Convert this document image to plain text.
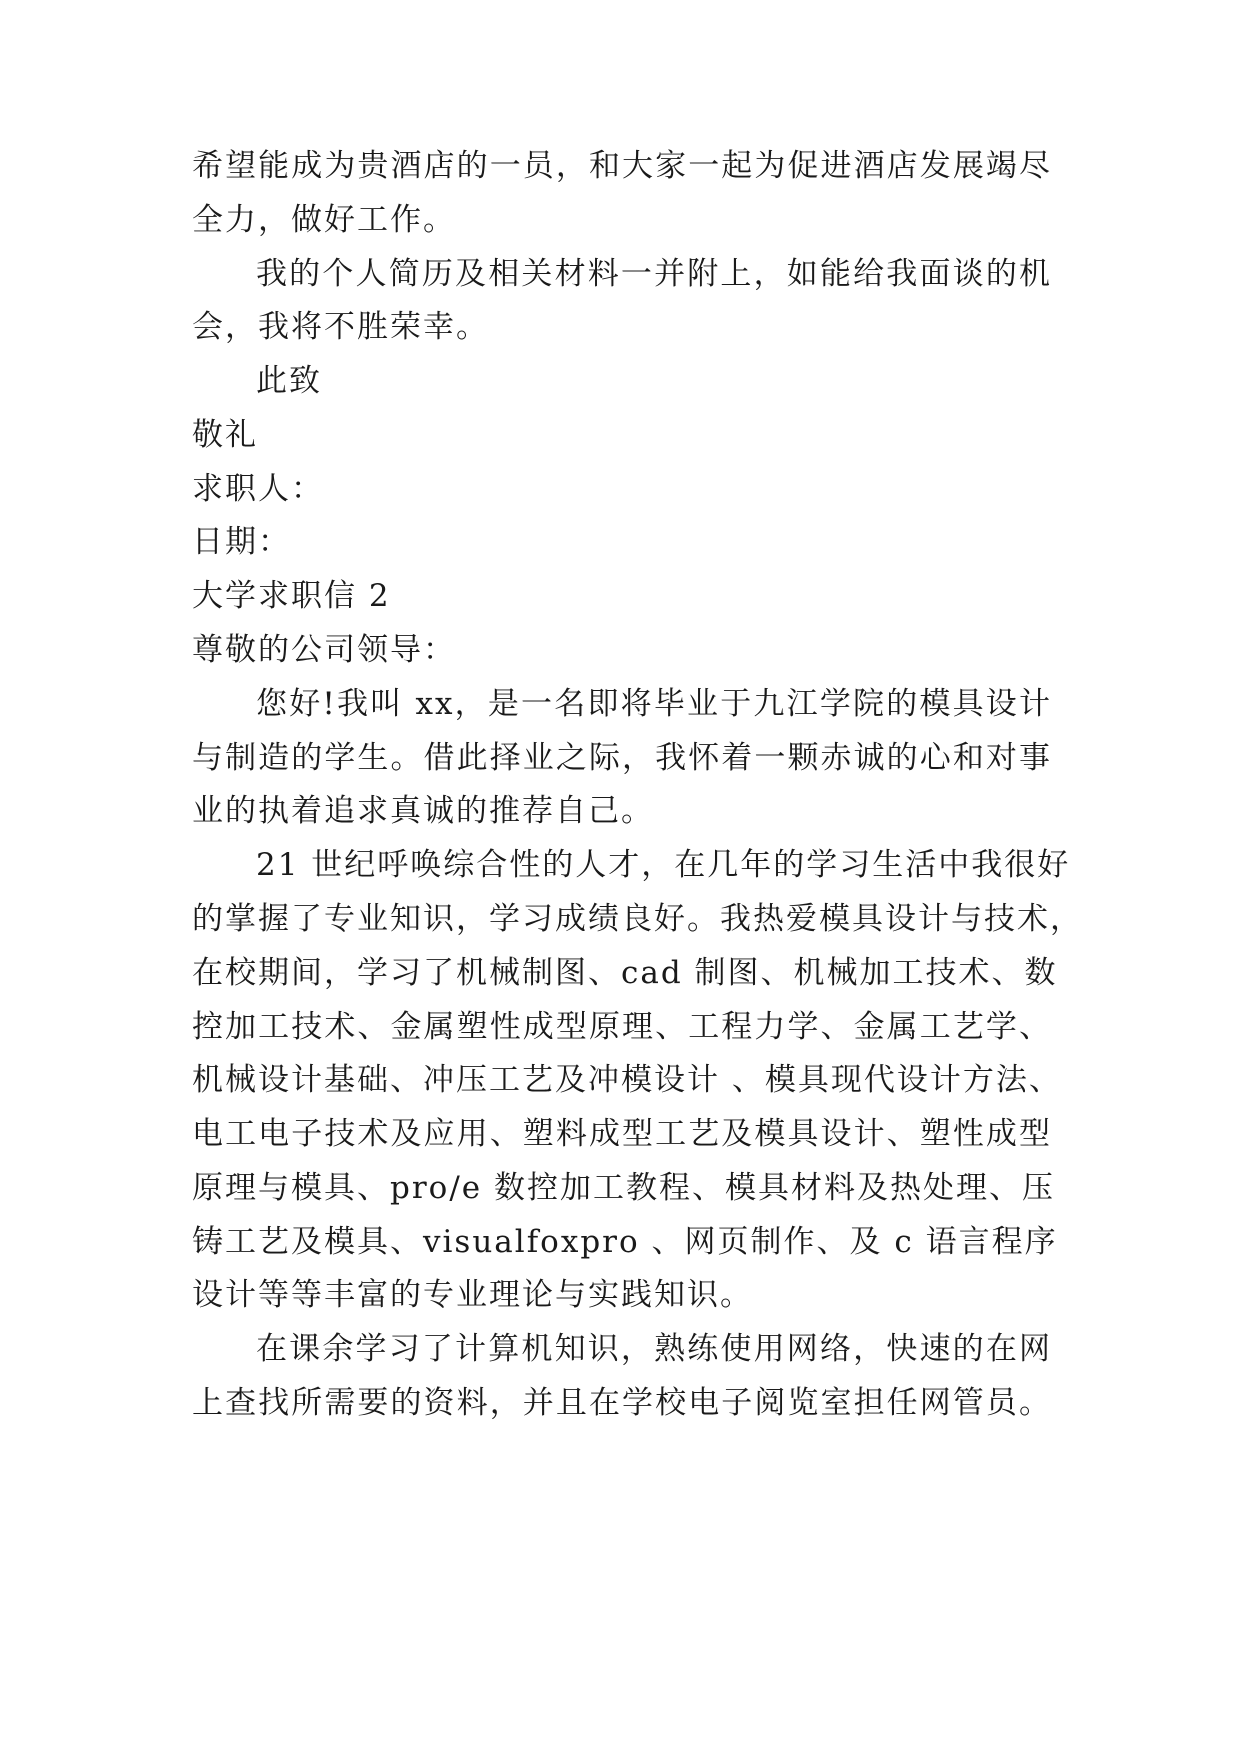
希望能成为贵酒店的一员，和大家一起为促进酒店发展竭尽
全力，做好工作。
我的个人简历及相关材料一并附上，如能给我面谈的机
会，我将不胜荣幸。
此致
敬礼
求职人：
日期：
大学求职信 2
尊敬的公司领导：
您好!我叫 xx，是一名即将毕业于九江学院的模具设计
与制造的学生。借此择业之际，我怀着一颗赤诚的心和对事
业的执着追求真诚的推荐自己。
21 世纪呼唤综合性的人才，在几年的学习生活中我很好
的掌握了专业知识，学习成绩良好。我热爱模具设计与技术，
在校期间，学习了机械制图、cad 制图、机械加工技术、数
控加工技术、金属塑性成型原理、工程力学、金属工艺学、
机械设计基础、冲压工艺及冲模设计 、模具现代设计方法、
电工电子技术及应用、塑料成型工艺及模具设计、塑性成型
原理与模具、pro/e 数控加工教程、模具材料及热处理、压
铸工艺及模具、visualfoxpro 、网页制作、及 c 语言程序
设计等等丰富的专业理论与实践知识。
在课余学习了计算机知识，熟练使用网络，快速的在网
上查找所需要的资料，并且在学校电子阅览室担任网管员。
